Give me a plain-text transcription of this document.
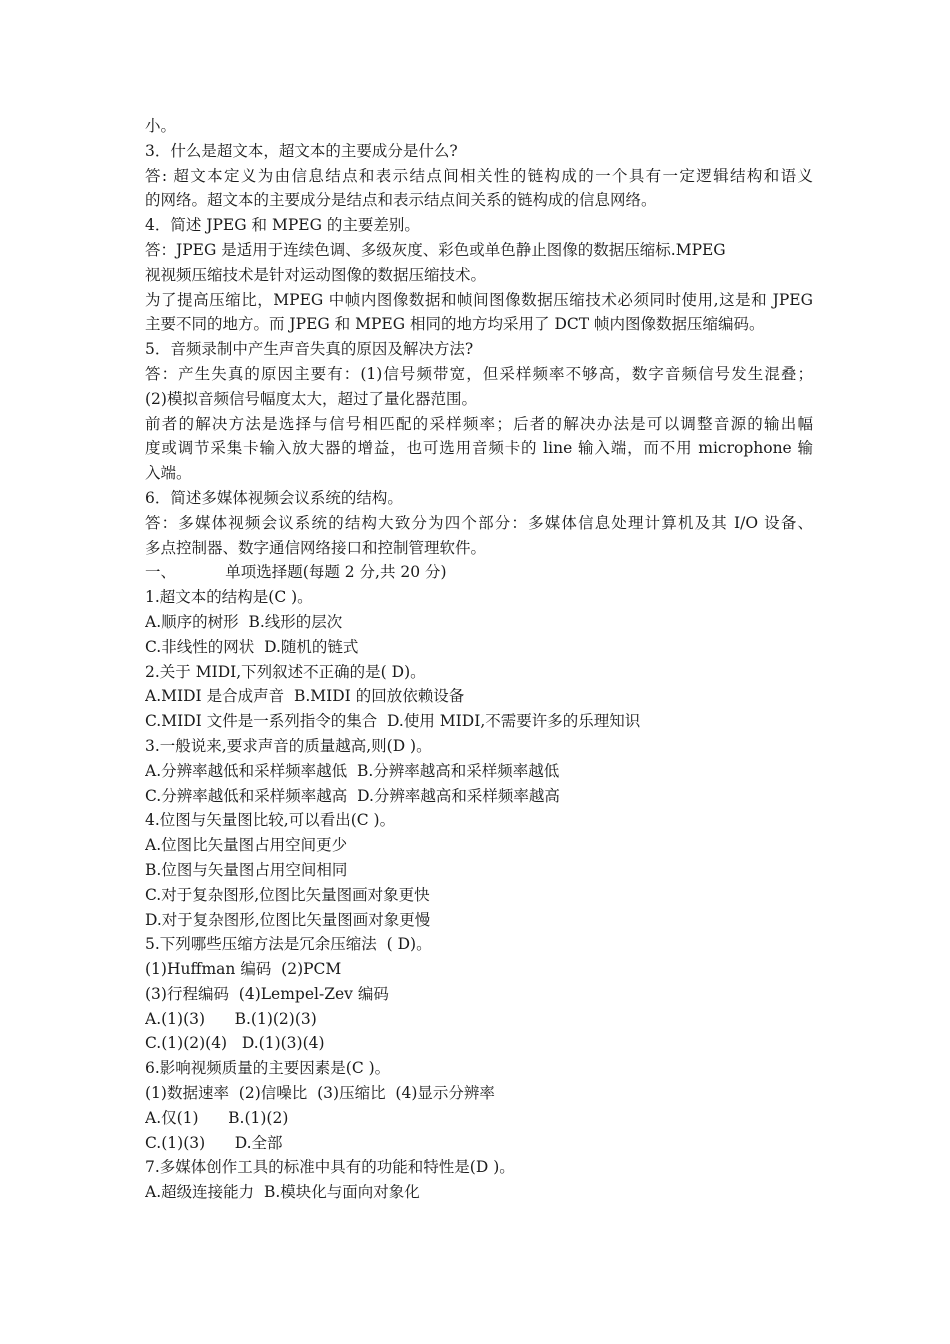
小。
3．什么是超文本，超文本的主要成分是什么?
答: 超文本定义为由信息结点和表示结点间相关性的链构成的一个具有一定逻辑结构和语义
的网络。超文本的主要成分是结点和表示结点间关系的链构成的信息网络。
4．简述 JPEG 和 MPEG 的主要差别。
答：JPEG 是适用于连续色调、多级灰度、彩色或单色静止图像的数据压缩标.MPEG
视视频压缩技术是针对运动图像的数据压缩技术。
为了提高压缩比，MPEG 中帧内图像数据和帧间图像数据压缩技术必须同时使用,这是和 JPEG
主要不同的地方。而 JPEG 和 MPEG 相同的地方均采用了 DCT 帧内图像数据压缩编码。
5．音频录制中产生声音失真的原因及解决方法?
答：产生失真的原因主要有：(1)信号频带宽，但采样频率不够高，数字音频信号发生混叠；
(2)模拟音频信号幅度太大，超过了量化器范围。
前者的解决方法是选择与信号相匹配的采样频率；后者的解决办法是可以调整音源的输出幅
度或调节采集卡输入放大器的增益，也可选用音频卡的 line 输入端，而不用 microphone 输
入端。
6．简述多媒体视频会议系统的结构。
答：多媒体视频会议系统的结构大致分为四个部分：多媒体信息处理计算机及其 I/O 设备、
多点控制器、数字通信网络接口和控制管理软件。
一、          单项选择题(每题 2 分,共 20 分)
1.超文本的结构是(C )。
A.顺序的树形  B.线形的层次
C.非线性的网状  D.随机的链式
2.关于 MIDI,下列叙述不正确的是( D)。
A.MIDI 是合成声音  B.MIDI 的回放依赖设备
C.MIDI 文件是一系列指令的集合  D.使用 MIDI,不需要许多的乐理知识
3.一般说来,要求声音的质量越高,则(D )。
A.分辨率越低和采样频率越低  B.分辨率越高和采样频率越低
C.分辨率越低和采样频率越高  D.分辨率越高和采样频率越高
4.位图与矢量图比较,可以看出(C )。
A.位图比矢量图占用空间更少
B.位图与矢量图占用空间相同
C.对于复杂图形,位图比矢量图画对象更快
D.对于复杂图形,位图比矢量图画对象更慢
5.下列哪些压缩方法是冗余压缩法  ( D)。
(1)Huffman 编码  (2)PCM
(3)行程编码  (4)Lempel-Zev 编码
A.(1)(3)      B.(1)(2)(3)
C.(1)(2)(4)   D.(1)(3)(4)
6.影响视频质量的主要因素是(C )。
(1)数据速率  (2)信噪比  (3)压缩比  (4)显示分辨率
A.仅(1)      B.(1)(2)
C.(1)(3)      D.全部
7.多媒体创作工具的标准中具有的功能和特性是(D )。
A.超级连接能力  B.模块化与面向对象化
